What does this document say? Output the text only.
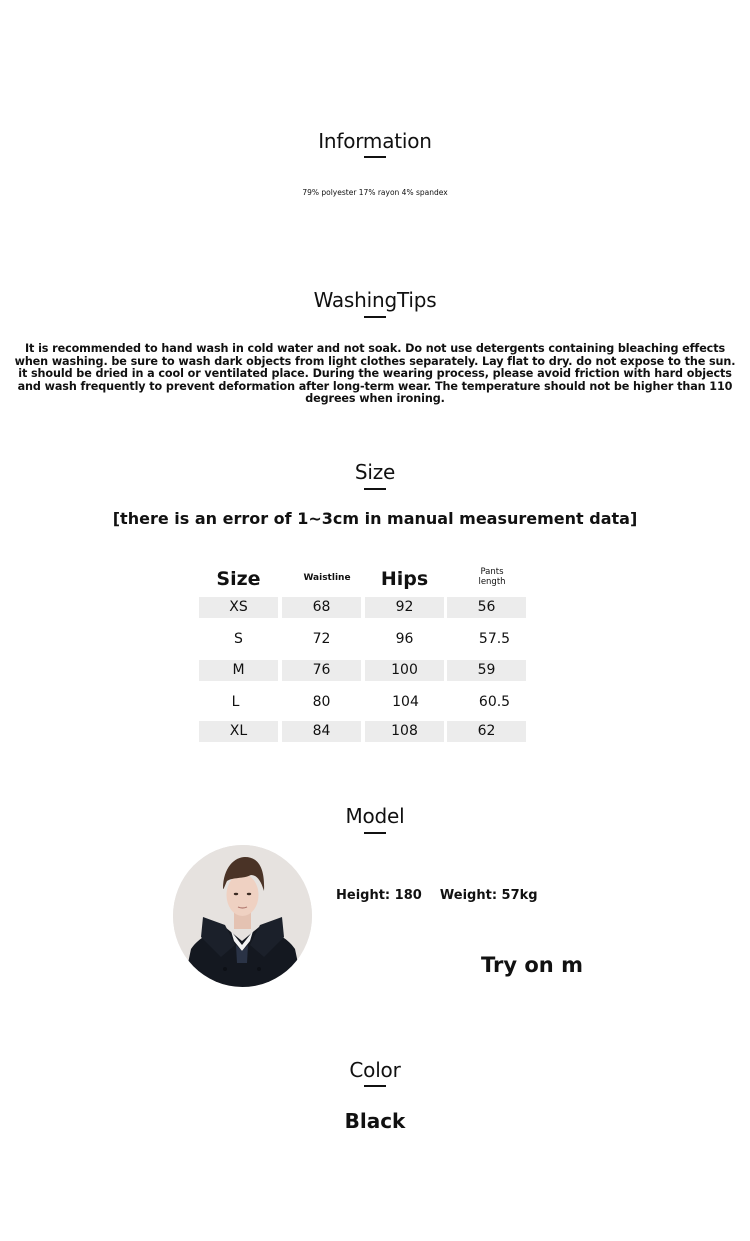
Information
79% polyester 17% rayon 4% spandex
WashingTips
It is recommended to hand wash in cold water and not soak. Do not use detergents containing bleaching effects when washing. be sure to wash dark objects from light clothes separately. Lay flat to dry. do not expose to the sun. it should be dried in a cool or ventilated place. During the wearing process, please avoid friction with hard objects and wash frequently to prevent deformation after long-term wear. The temperature should not be higher than 110 degrees when ironing.
Size
[there is an error of 1~3cm in manual measurement data]
Size	Waistline	Hips	Pants length
XS	68	92	56
S	72	96	57.5
M	76	100	59
L	80	104	60.5
XL	84	108	62
Model
Height: 180    Weight: 57kg
Try on m
Color
Black
